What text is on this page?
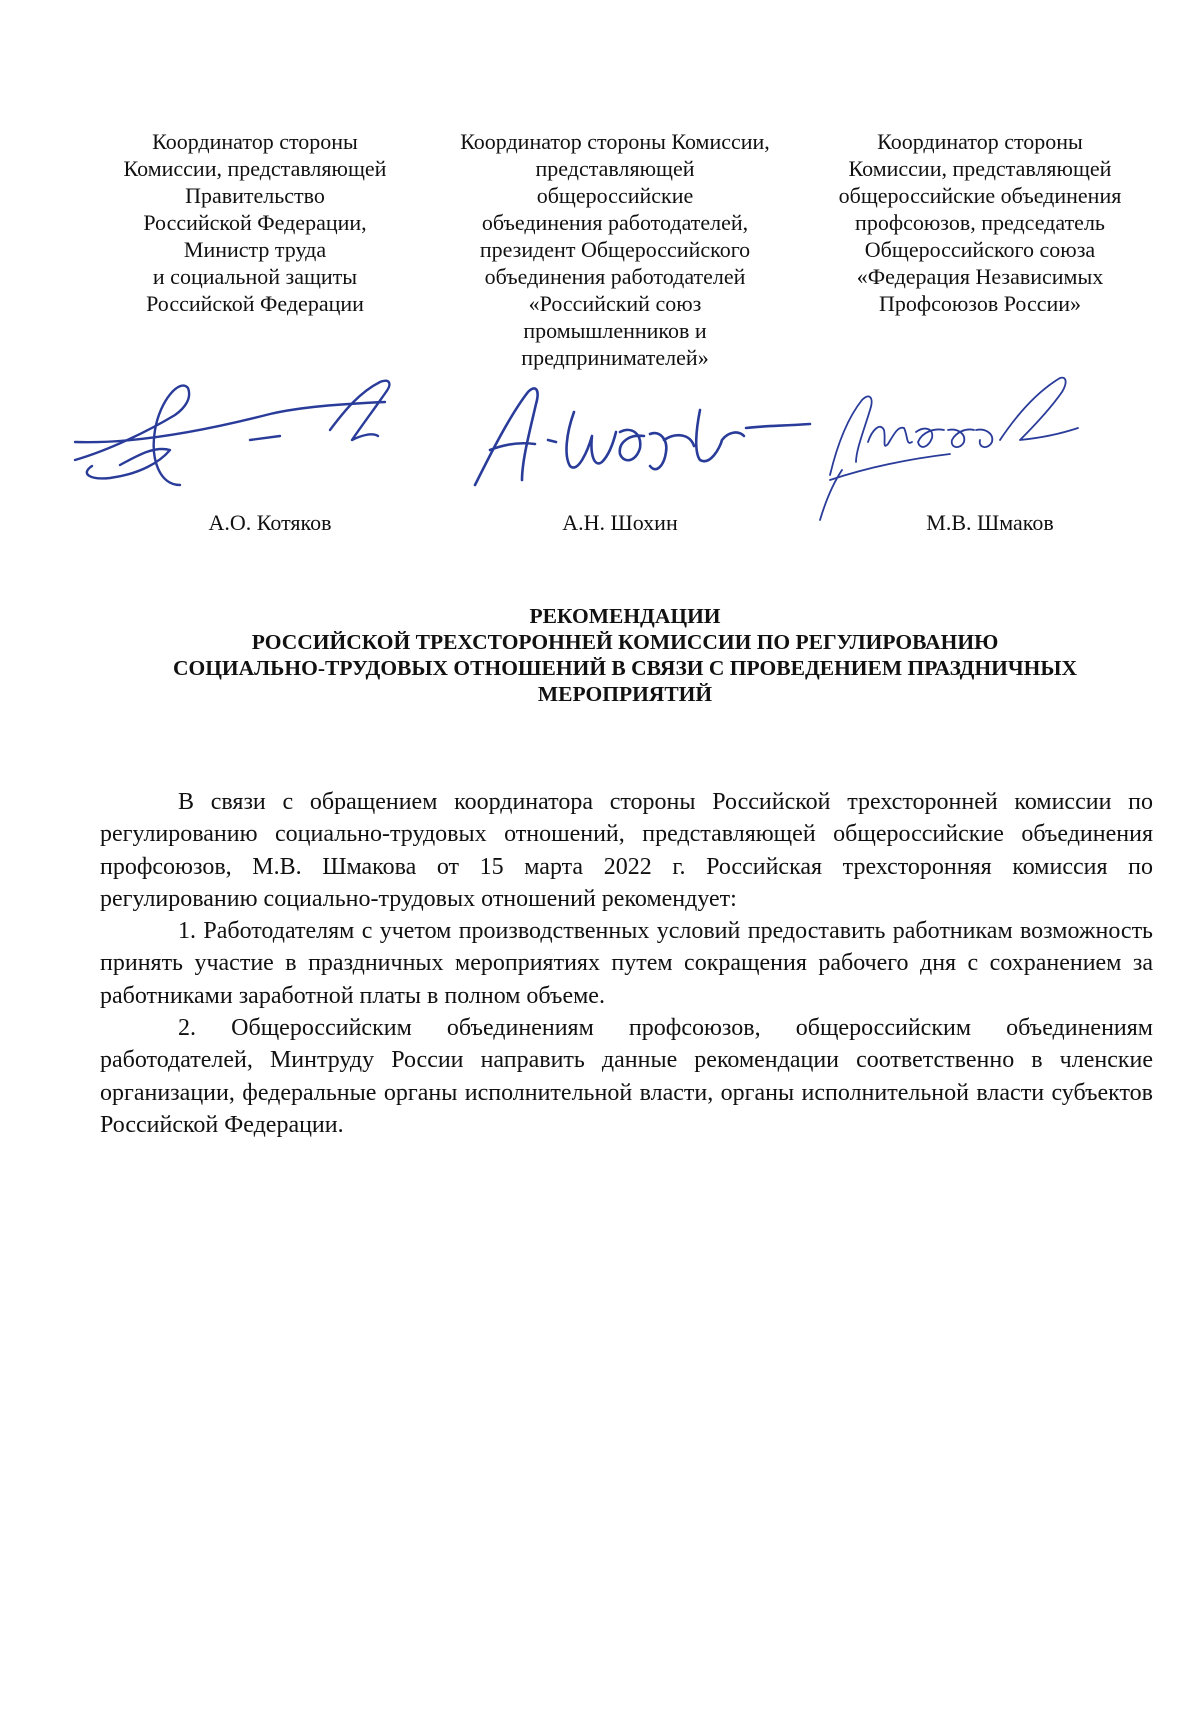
Координатор стороны
Комиссии, представляющей
Правительство
Российской Федерации,
Министр труда
и социальной защиты
Российской Федерации
Координатор стороны Комиссии,
представляющей
общероссийские
объединения работодателей,
президент Общероссийского
объединения работодателей
«Российский союз
промышленников и
предпринимателей»
Координатор стороны
Комиссии, представляющей
общероссийские объединения
профсоюзов, председатель
Общероссийского союза
«Федерация Независимых
Профсоюзов России»
А.О. Котяков	А.Н. Шохин	М.В. Шмаков
РЕКОМЕНДАЦИИ
РОССИЙСКОЙ ТРЕХСТОРОННЕЙ КОМИССИИ ПО РЕГУЛИРОВАНИЮ
СОЦИАЛЬНО-ТРУДОВЫХ ОТНОШЕНИЙ В СВЯЗИ С ПРОВЕДЕНИЕМ ПРАЗДНИЧНЫХ
МЕРОПРИЯТИЙ

В связи с обращением координатора стороны Российской трехсторонней комиссии по регулированию социально-трудовых отношений, представляющей общероссийские объединения профсоюзов, М.В. Шмакова от 15 марта 2022 г. Российская трехсторонняя комиссия по регулированию социально-трудовых отношений рекомендует:

1. Работодателям с учетом производственных условий предоставить работникам возможность принять участие в праздничных мероприятиях путем сокращения рабочего дня с сохранением за работниками заработной платы в полном объеме.

2. Общероссийским объединениям профсоюзов, общероссийским объединениям работодателей, Минтруду России направить данные рекомендации соответственно в членские организации, федеральные органы исполнительной власти, органы исполнительной власти субъектов Российской Федерации.
